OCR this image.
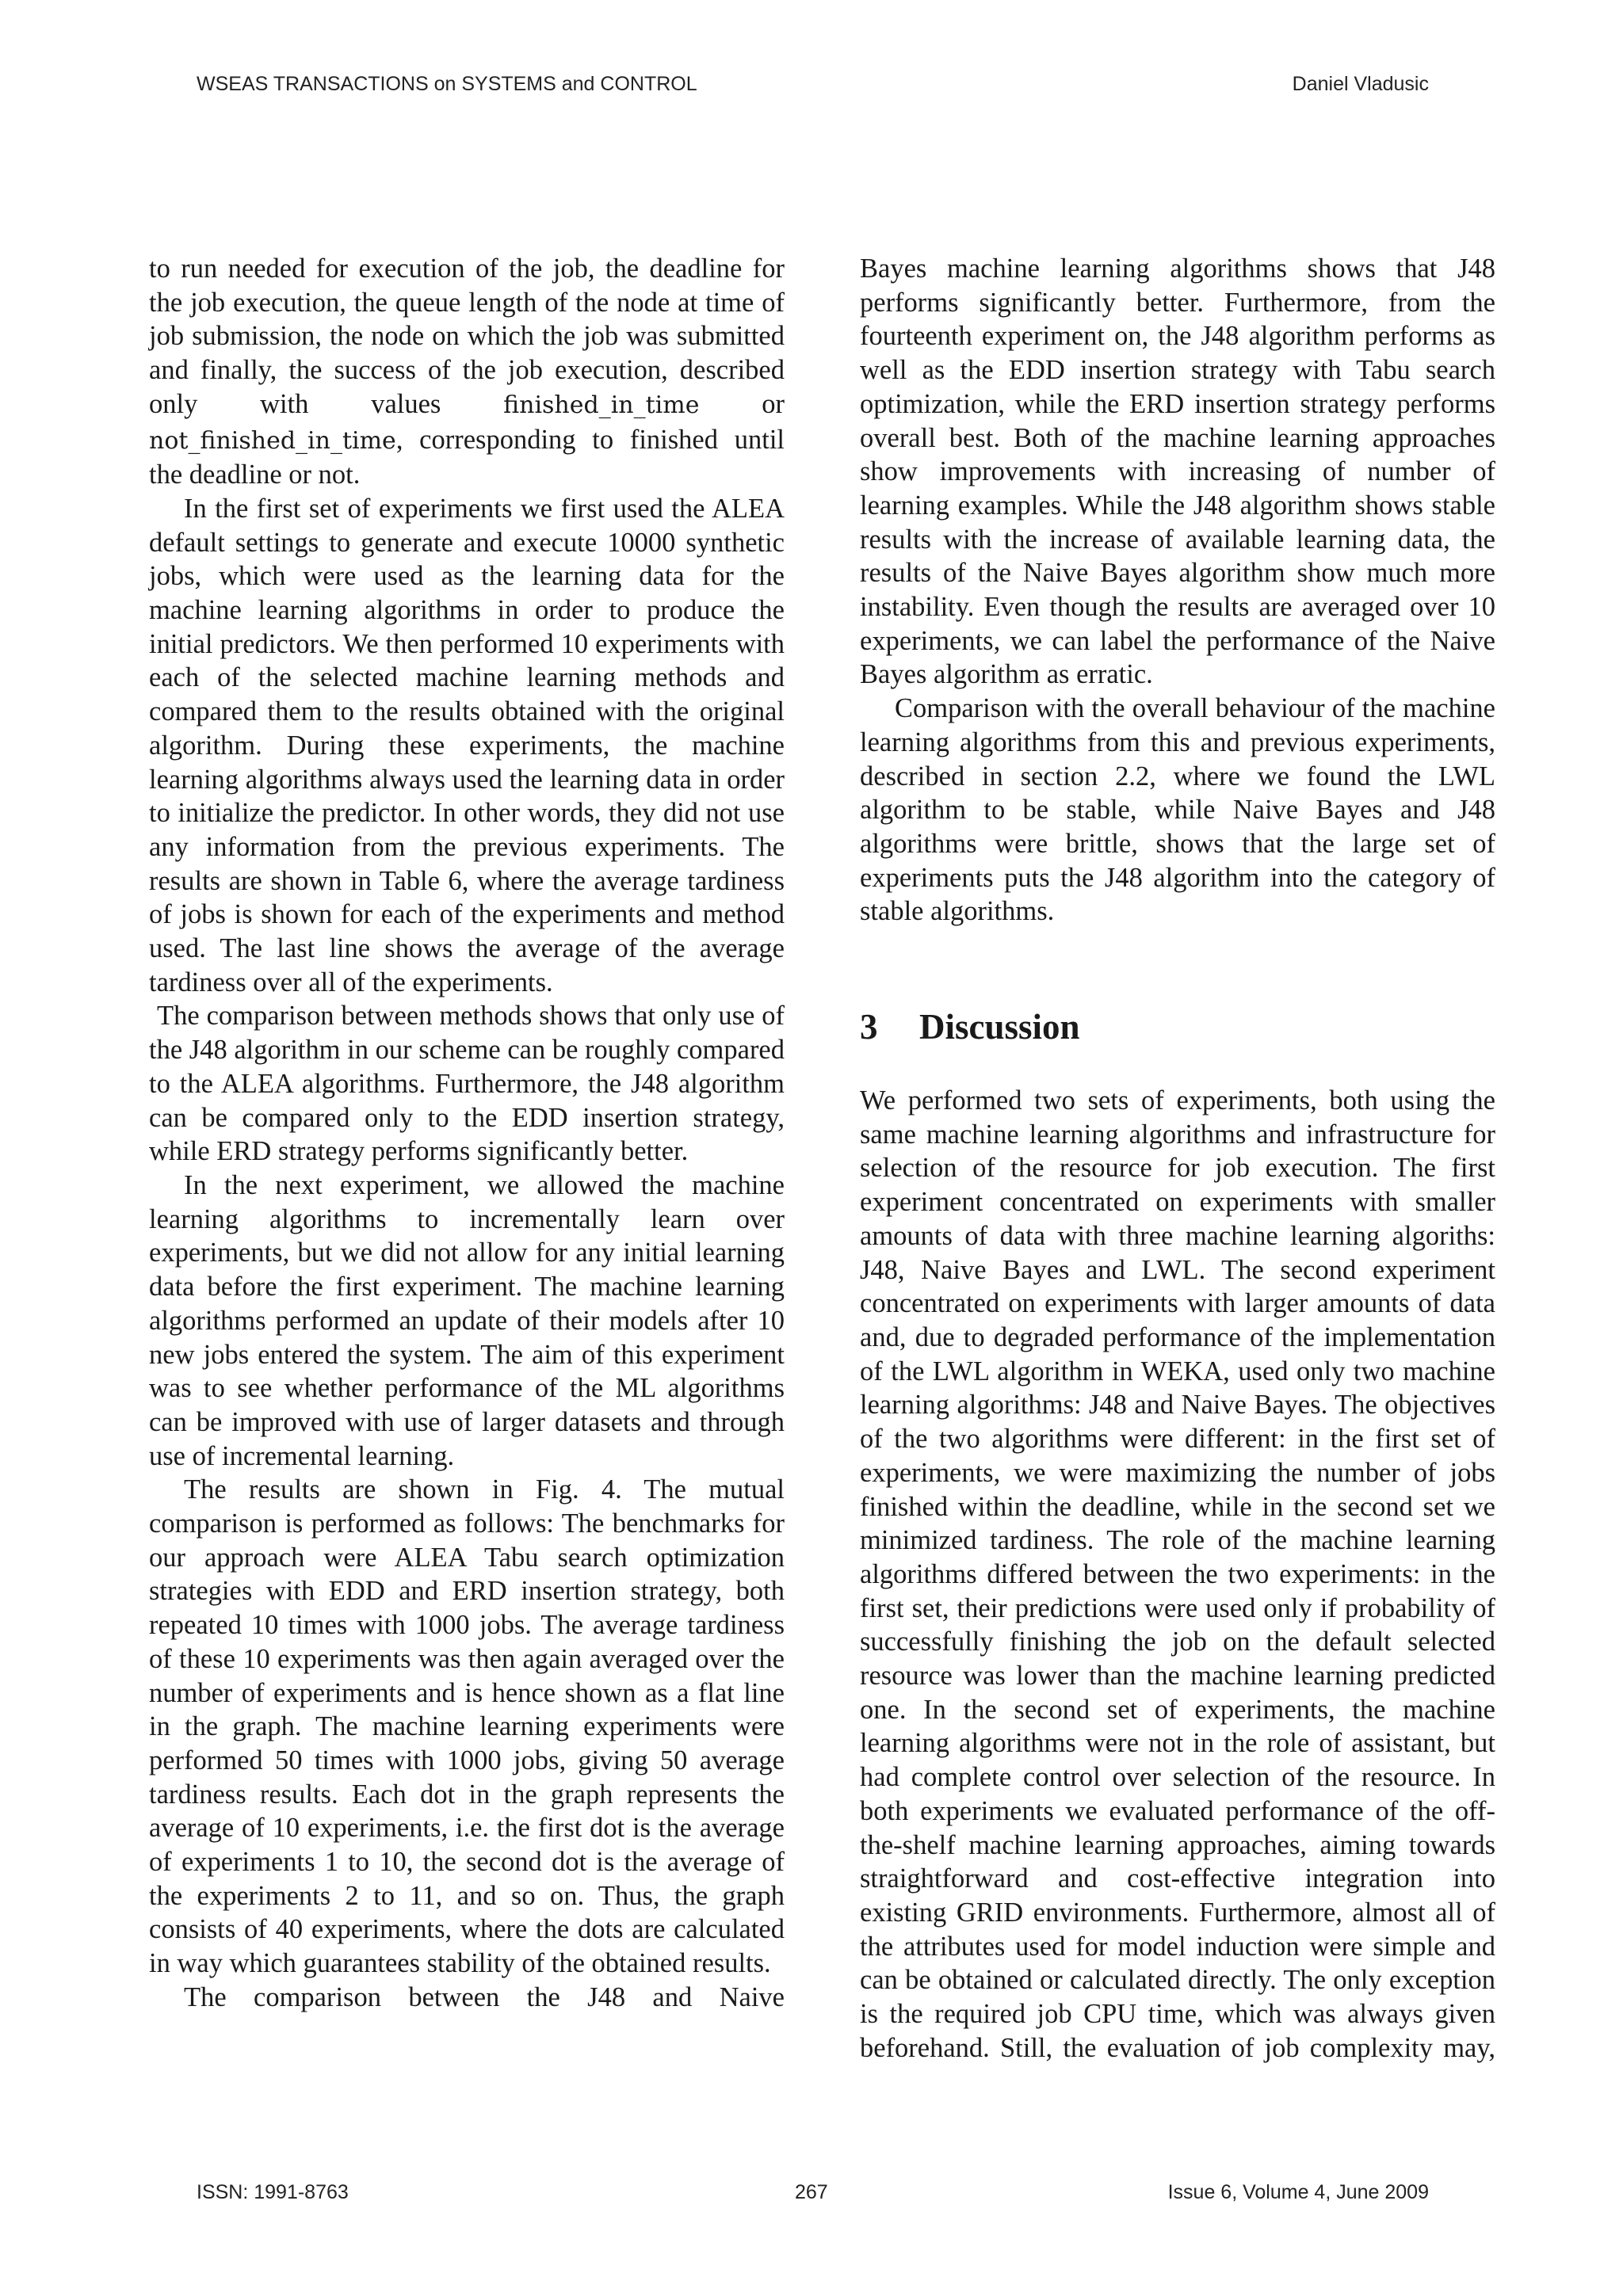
WSEAS TRANSACTIONS on SYSTEMS and CONTROL	Daniel Vladusic

to run needed for execution of the job, the deadline for the job execution, the queue length of the node at time of job submission, the node on which the job was submitted and finally, the success of the job execution, described only with values	finished_in_time or not_finished_in_time, corresponding to finished until the deadline or not.

In the first set of experiments we first used the ALEA default settings to generate and execute 10000 synthetic jobs, which were used as the learning data for the machine learning algorithms in order to produce the initial predictors. We then performed 10 experiments with each of the selected machine learning methods and compared them to the results obtained with the original algorithm. During these experiments, the machine learning algorithms always used the learning data in order to initialize the predictor. In other words, they did not use any information from the previous experiments. The results are shown in Table 6, where the average tardiness of jobs is shown for each of the experiments and method used. The last line shows the average of the average tardiness over all of the experiments.

The comparison between methods shows that only use of the J48 algorithm in our scheme can be roughly compared to the ALEA algorithms. Furthermore, the J48 algorithm can be compared only to the EDD insertion strategy, while ERD strategy performs significantly better.

In the next experiment, we allowed the machine learning algorithms to incrementally learn over experiments, but we did not allow for any initial learning data before the first experiment. The machine learning algorithms performed an update of their models after 10 new jobs entered the system. The aim of this experiment was to see whether performance of the ML algorithms can be improved with use of larger datasets and through use of incremental learning.

The results are shown in Fig. 4. The mutual comparison is performed as follows: The benchmarks for our approach were ALEA Tabu search optimization strategies with EDD and ERD insertion strategy, both repeated 10 times with 1000 jobs. The average tardiness of these 10 experiments was then again averaged over the number of experiments and is hence shown as a flat line in the graph. The machine learning experiments were performed 50 times with 1000 jobs, giving 50 average tardiness results. Each dot in the graph represents the average of 10 experiments, i.e. the first dot is the average of experiments 1 to 10, the second dot is the average of the experiments 2 to 11, and so on. Thus, the graph consists of 40 experiments, where the dots are calculated in way which guarantees stability of the obtained results.

The comparison between the J48 and Naive

Bayes machine learning algorithms shows that J48 performs significantly better. Furthermore, from the fourteenth experiment on, the J48 algorithm performs as well as the EDD insertion strategy with Tabu search optimization, while the ERD insertion strategy performs overall best. Both of the machine learning approaches show improvements with increasing of number of learning examples. While the J48 algorithm shows stable results with the increase of available learning data, the results of the Naive Bayes algorithm show much more instability. Even though the results are averaged over 10 experiments, we can label the performance of the Naive Bayes algorithm as erratic.

Comparison with the overall behaviour of the machine learning algorithms from this and previous experiments, described in section 2.2, where we found the LWL algorithm to be stable, while Naive Bayes and J48 algorithms were brittle, shows that the large set of experiments puts the J48 algorithm into the category of stable algorithms.

3 Discussion

We performed two sets of experiments, both using the same machine learning algorithms and infrastructure for selection of the resource for job execution. The first experiment concentrated on experiments with smaller amounts of data with three machine learning algoriths: J48, Naive Bayes and LWL. The second experiment concentrated on experiments with larger amounts of data and, due to degraded performance of the implementation of the LWL algorithm in WEKA, used only two machine learning algorithms: J48 and Naive Bayes. The objectives of the two algorithms were different: in the first set of experiments, we were maximizing the number of jobs finished within the deadline, while in the second set we minimized tardiness. The role of the machine learning algorithms differed between the two experiments: in the first set, their predictions were used only if probability of successfully finishing the job on the default selected resource was lower than the machine learning predicted one. In the second set of experiments, the machine learning algorithms were not in the role of assistant, but had complete control over selection of the resource. In both experiments we evaluated performance of the off-the-shelf machine learning approaches, aiming towards straightforward and cost-effective integration into existing GRID environments. Furthermore, almost all of the attributes used for model induction were simple and can be obtained or calculated directly. The only exception is the required job CPU time, which was always given beforehand. Still, the evaluation of job complexity may,

ISSN: 1991-8763	267	Issue 6, Volume 4, June 2009
